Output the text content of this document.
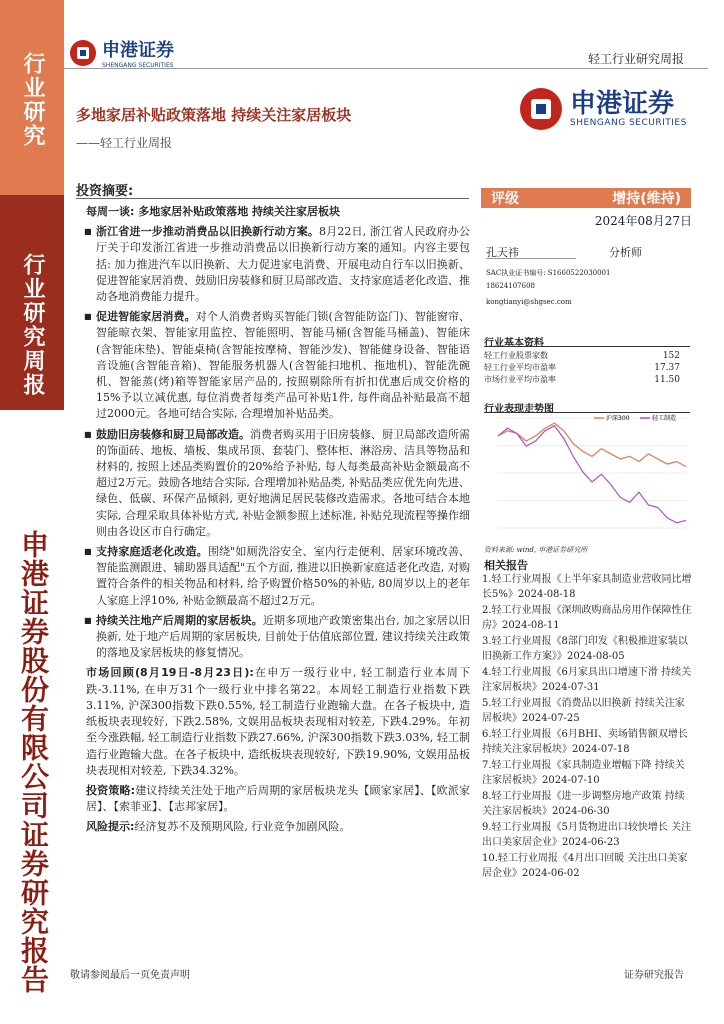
行业研究
行业研究周报
申港证券股份有限公司证券研究报告
申港证券
SHENGANG SECURITIES	轻工行业研究周报
申港证券
SHENGANG SECURITIES
多地家居补贴政策落地 持续关注家居板块
——轻工行业周报
投资摘要:

每周一谈: 多地家居补贴政策落地 持续关注家居板块

■ 浙江省进一步推动消费品以旧换新行动方案。8月22日, 浙江省人民政府办公厅关于印发浙江省进一步推动消费品以旧换新行动方案的通知。内容主要包括: 加力推进汽车以旧换新、大力促进家电消费、开展电动自行车以旧换新、促进智能家居消费、鼓励旧房装修和厨卫局部改造、支持家庭适老化改造、推动各地消费能力提升。

■ 促进智能家居消费。对个人消费者购买智能门锁(含智能防盗门)、智能窗帘、智能晾衣架、智能家用监控、智能照明、智能马桶(含智能马桶盖)、智能床(含智能床垫)、智能桌椅(含智能按摩椅、智能沙发)、智能健身设备、智能语音设施(含智能音箱)、智能服务机器人(含智能扫地机、拖地机)、智能洗碗机、智能蒸(烤)箱等智能家居产品的, 按照剔除所有折扣优惠后成交价格的15%予以立减优惠, 每位消费者每类产品可补贴1件, 每件商品补贴最高不超过2000元。各地可结合实际, 合理增加补贴品类。

■ 鼓励旧房装修和厨卫局部改造。消费者购买用于旧房装修、厨卫局部改造所需的饰面砖、地板、墙板、集成吊顶、套装门、整体柜、淋浴房、洁具等物品和材料的, 按照上述品类购置价的20%给予补贴, 每人每类最高补贴金额最高不超过2万元。鼓励各地结合实际, 合理增加补贴品类, 补贴品类应优先向先进、绿色、低碳、环保产品倾斜, 更好地满足居民装修改造需求。各地可结合本地实际, 合理采取具体补贴方式, 补贴金额参照上述标准, 补贴兑现流程等操作细则由各设区市自行确定。

■ 支持家庭适老化改造。围绕"如厕洗浴安全、室内行走便利、居家环境改善、智能监测跟进、辅助器具适配"五个方面, 推进以旧换新家庭适老化改造, 对购置符合条件的相关物品和材料, 给予购置价格50%的补贴, 80周岁以上的老年人家庭上浮10%, 补贴金额最高不超过2万元。

■ 持续关注地产后周期的家居板块。近期多项地产政策密集出台, 加之家居以旧换新, 处于地产后周期的家居板块, 目前处于估值底部位置, 建议持续关注政策的落地及家居板块的修复情况。

市场回顾(8月19日-8月23日):在申万一级行业中, 轻工制造行业本周下跌-3.11%, 在申万31个一级行业中排名第22。本周轻工制造行业指数下跌3.11%, 沪深300指数下跌0.55%, 轻工制造行业跑输大盘。在各子板块中, 造纸板块表现较好, 下跌2.58%, 文娱用品板块表现相对较差, 下跌4.29%。年初至今涨跌幅, 轻工制造行业指数下跌27.66%, 沪深300指数下跌3.03%, 轻工制造行业跑输大盘。在各子板块中, 造纸板块表现较好, 下跌19.90%, 文娱用品板块表现相对较差, 下跌34.32%。

投资策略:建议持续关注处于地产后周期的家居板块龙头【顾家家居】、【欧派家居】、【索菲亚】、【志邦家居】。

风险提示:经济复苏不及预期风险, 行业竞争加剧风险。

评级	增持(维持)
2024年08月27日
孔天祎	分析师
SAC执业证书编号: S1660522030001
18624107608
kongtianyi@shgsec.com
行业基本资料
轻工行业股票家数	152
轻工行业平均市盈率	17.37
市场行业平均市盈率	11.50
行业表现走势图
沪深300	轻工制造
资料来源: wind, 申港证券研究所
相关报告
1.轻工行业周报《上半年家具制造业营收同比增长5%》2024-08-18
2.轻工行业周报《深圳政购商品房用作保障性住房》2024-08-11
3.轻工行业周报《8部门印发《积极推进家装以旧换新工作方案》》2024-08-05
4.轻工行业周报《6月家具出口增速下滑 持续关注家居板块》2024-07-31
5.轻工行业周报《消费品以旧换新 持续关注家居板块》2024-07-25
6.轻工行业周报《6月BHI、卖场销售额双增长 持续关注家居板块》2024-07-18
7.轻工行业周报《家具制造业增幅下降 持续关注家居板块》2024-07-10
8.轻工行业周报《进一步调整房地产政策 持续关注家居板块》2024-06-30
9.轻工行业周报《5月货物进出口较快增长 关注出口美家居企业》2024-06-23
10.轻工行业周报《4月出口回暖 关注出口美家居企业》2024-06-02
敬请参阅最后一页免责声明	证券研究报告
